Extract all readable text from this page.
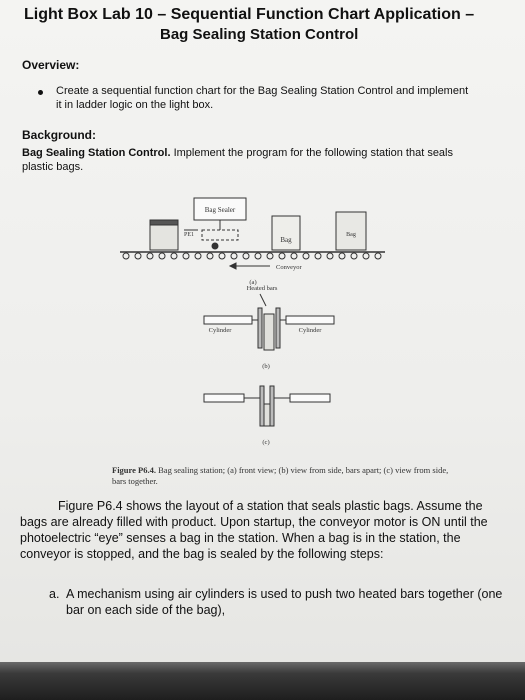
Light Box Lab 10 – Sequential Function Chart Application –
Bag Sealing Station Control
Overview:
Create a sequential function chart for the Bag Sealing Station Control and implement it in ladder logic on the light box.
Background:
Bag Sealing Station Control. Implement the program for the following station that seals plastic bags.
Bag Sealer
PE1
Bag
Bag
Conveyor
(a)
Heated bars
Cylinder	Cylinder
(b)
(c)
Figure P6.4. Bag sealing station; (a) front view; (b) view from side, bars apart; (c) view from side, bars together.
Figure P6.4 shows the layout of a station that seals plastic bags. Assume the bags are already filled with product. Upon startup, the conveyor motor is ON until the photoelectric “eye” senses a bag in the station. When a bag is in the station, the conveyor is stopped, and the bag is sealed by the following steps:
a. A mechanism using air cylinders is used to push two heated bars together (one bar on each side of the bag),
